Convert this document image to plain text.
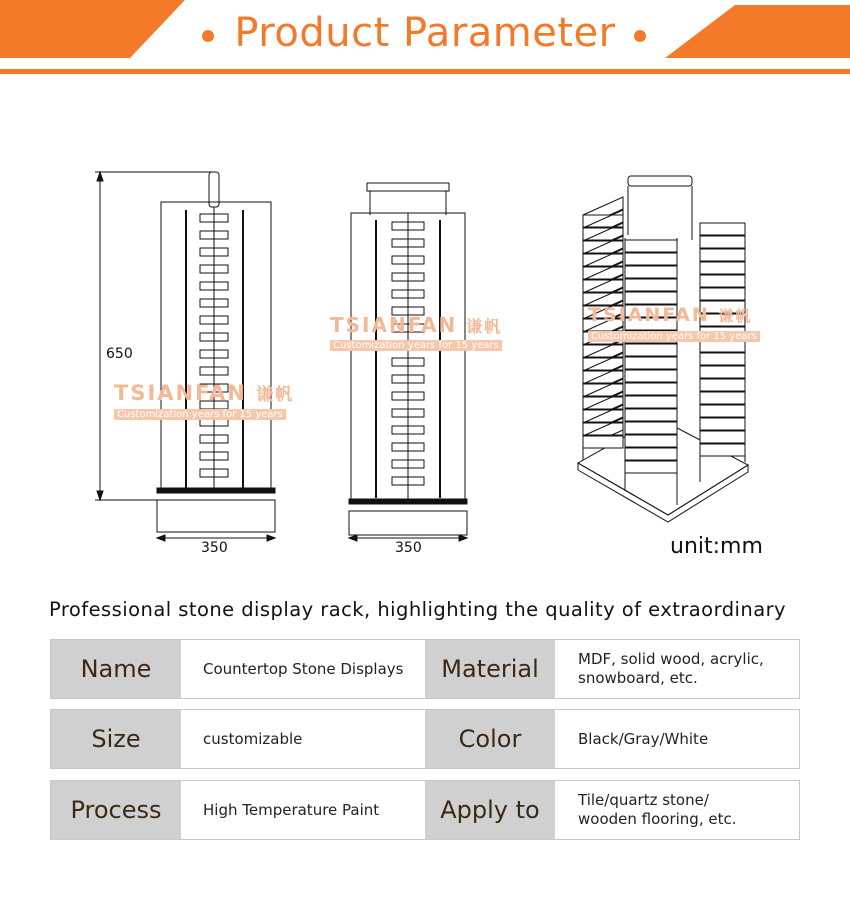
Product Parameter
650
350	350	unit:mm
TSIANFAN 谦帆
Customization years for 15 years
TSIANFAN 谦帆
Customization years for 15 years
TSIANFAN 谦帆
Customization years for 15 years
Professional stone display rack, highlighting the quality of extraordinary
Name	Countertop Stone Displays	Material	MDF, solid wood, acrylic,
snowboard, etc.
Size	customizable	Color	Black/Gray/White
Process	High Temperature Paint	Apply to	Tile/quartz stone/
wooden flooring, etc.
